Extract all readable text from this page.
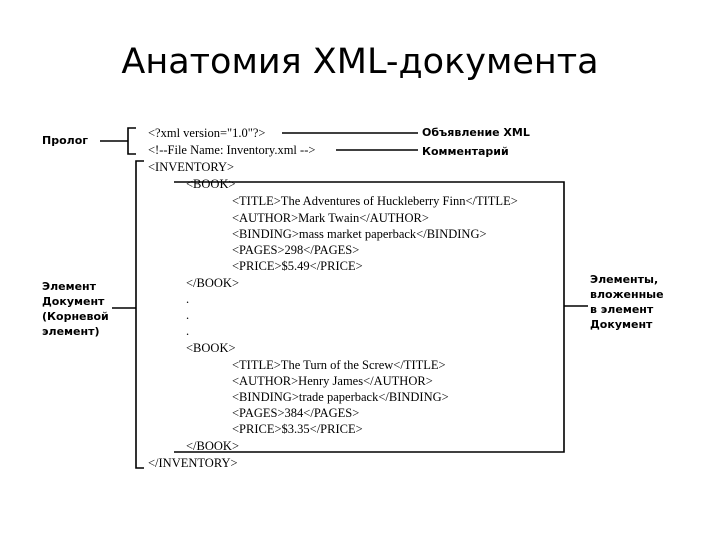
Анатомия XML-документа
Пролог
Элемент
Документ
(Корневой
элемент)
Объявление XML
Комментарий
Элементы,
вложенные
в элемент
Документ
<?xml version="1.0"?>
<!--File Name: Inventory.xml -->
<INVENTORY>
<BOOK>
<TITLE>The Adventures of Huckleberry Finn</TITLE>
<AUTHOR>Mark Twain</AUTHOR>
<BINDING>mass market paperback</BINDING>
<PAGES>298</PAGES>
<PRICE>$5.49</PRICE>
</BOOK>
.
.
.
<BOOK>
<TITLE>The Turn of the Screw</TITLE>
<AUTHOR>Henry James</AUTHOR>
<BINDING>trade paperback</BINDING>
<PAGES>384</PAGES>
<PRICE>$3.35</PRICE>
</BOOK>
</INVENTORY>
